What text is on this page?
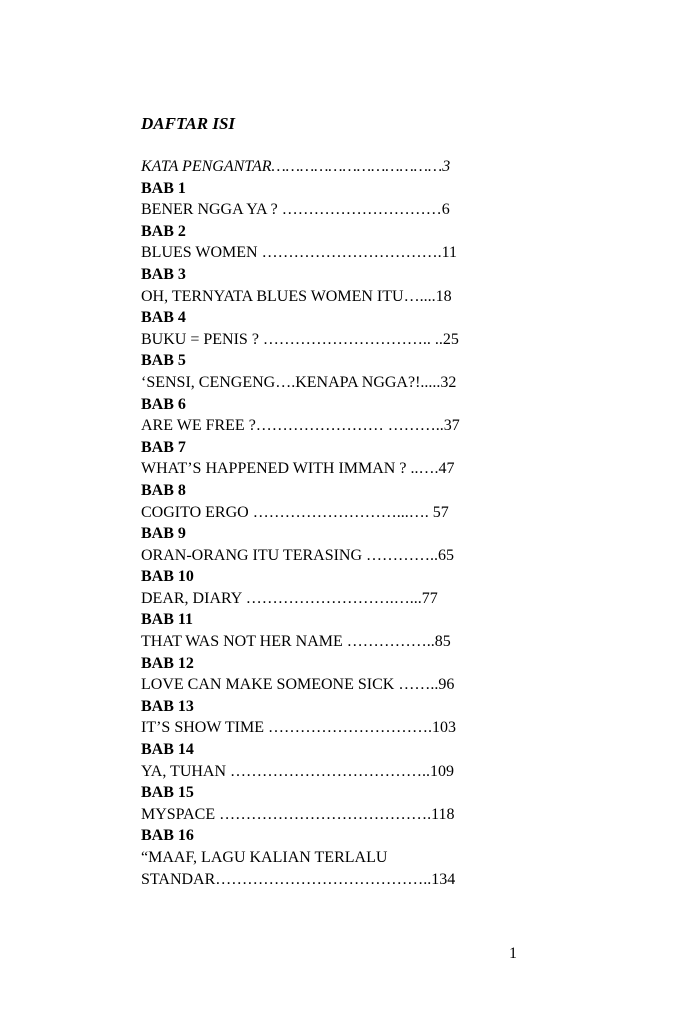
DAFTAR ISI
KATA PENGANTAR………………………………3
BAB 1
BENER NGGA YA ? …………………………6
BAB 2
BLUES WOMEN …………………………….11
BAB 3
OH, TERNYATA BLUES WOMEN ITU…....18
BAB 4
BUKU = PENIS ? ………………………….. ..25
BAB 5
‘SENSI, CENGENG….KENAPA NGGA?!.....32
BAB 6
ARE WE FREE ?…………………… ………..37
BAB 7
WHAT’S HAPPENED WITH IMMAN ? ..….47
BAB 8
COGITO ERGO ………………………...…. 57
BAB 9
ORAN-ORANG ITU TERASING …………..65
BAB 10
DEAR, DIARY ……………………….…...77
BAB 11
THAT WAS NOT HER NAME ……………..85
BAB 12
LOVE CAN MAKE SOMEONE SICK ……..96
BAB 13
IT’S SHOW TIME ………………………….103
BAB 14
YA, TUHAN ………………………………..109
BAB 15
MYSPACE ………………………………….118
BAB 16
“MAAF, LAGU KALIAN TERLALU
STANDAR…………………………………..134
1
